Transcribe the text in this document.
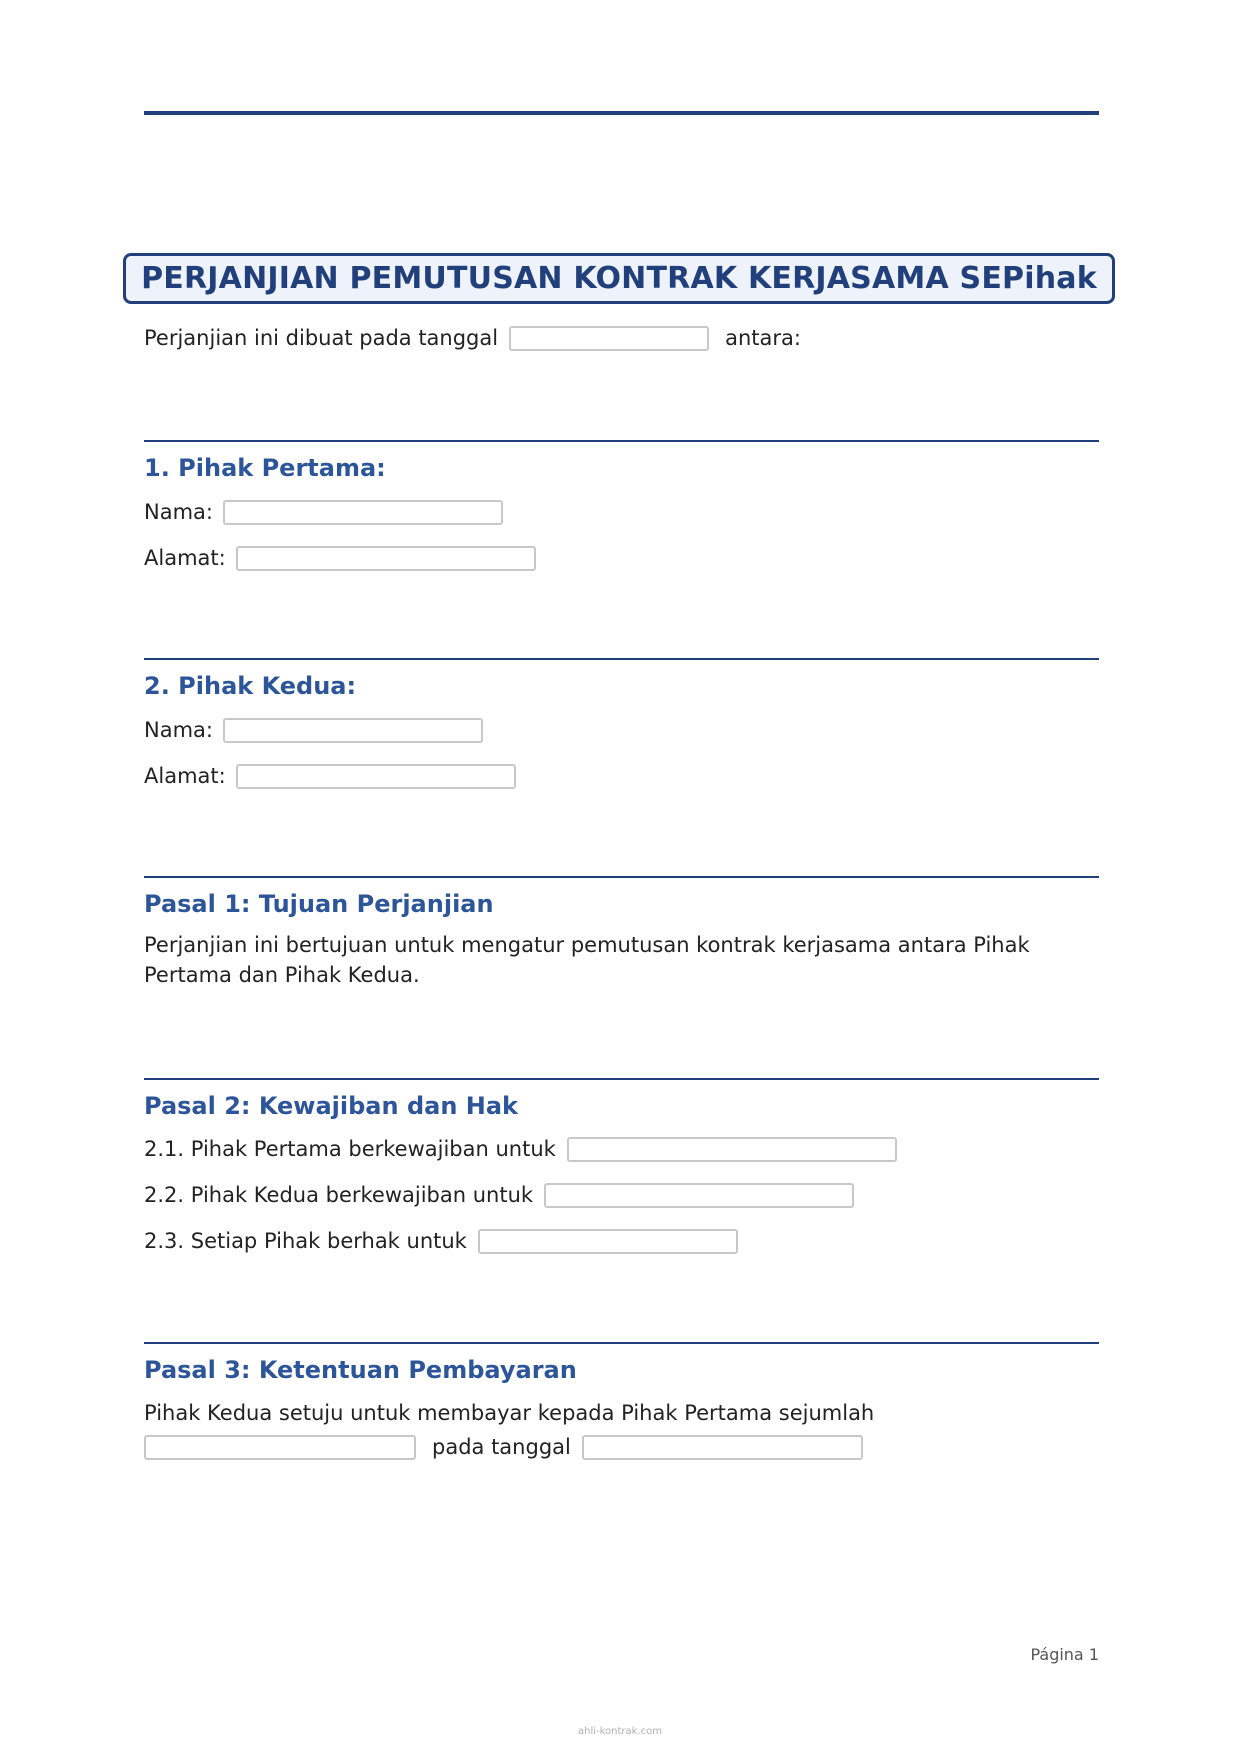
PERJANJIAN PEMUTUSAN KONTRAK KERJASAMA SEPihak
Perjanjian ini dibuat pada tanggal	antara:
1. Pihak Pertama:
Nama:
Alamat:
2. Pihak Kedua:
Nama:
Alamat:
Pasal 1: Tujuan Perjanjian
Perjanjian ini bertujuan untuk mengatur pemutusan kontrak kerjasama antara Pihak
Pertama dan Pihak Kedua.
Pasal 2: Kewajiban dan Hak
2.1. Pihak Pertama berkewajiban untuk
2.2. Pihak Kedua berkewajiban untuk
2.3. Setiap Pihak berhak untuk
Pasal 3: Ketentuan Pembayaran
Pihak Kedua setuju untuk membayar kepada Pihak Pertama sejumlah
pada tanggal
Página 1
ahli-kontrak.com
